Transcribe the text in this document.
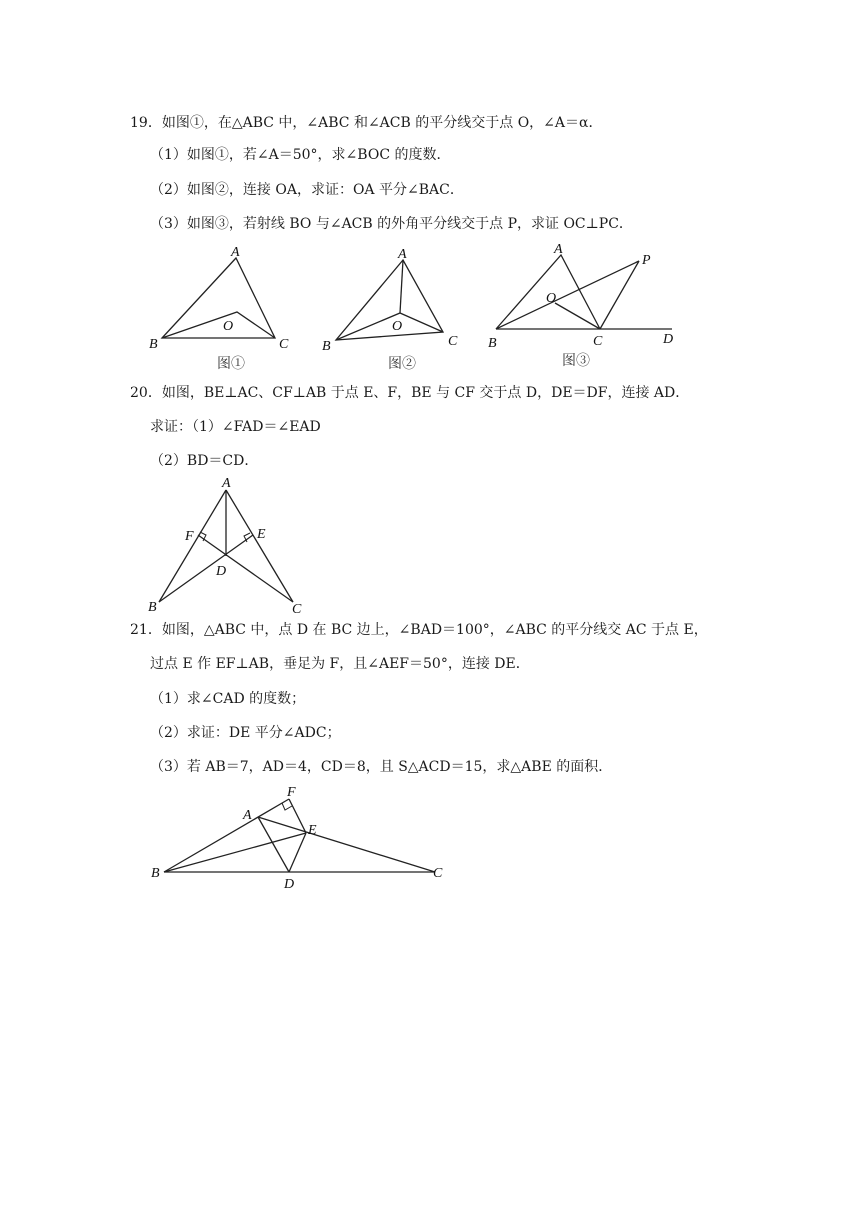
19．如图①，在△ABC 中，∠ABC 和∠ACB 的平分线交于点 O，∠A＝α．
（1）如图①，若∠A＝50°，求∠BOC 的度数．
（2）如图②，连接 OA，求证：OA 平分∠BAC．
（3）如图③，若射线 BO 与∠ACB 的外角平分线交于点 P，求证 OC⊥PC．
A
B	C
O
图①
A
B	C
O
图②
A
P
O
B	C	D
图③
20．如图，BE⊥AC、CF⊥AB 于点 E、F，BE 与 CF 交于点 D，DE＝DF，连接 AD．
求证：（1）∠FAD＝∠EAD
（2）BD＝CD．
A
F	E
D
B	C
21．如图，△ABC 中，点 D 在 BC 边上，∠BAD＝100°，∠ABC 的平分线交 AC 于点 E，
过点 E 作 EF⊥AB，垂足为 F，且∠AEF＝50°，连接 DE．
（1）求∠CAD 的度数；
（2）求证：DE 平分∠ADC；
（3）若 AB＝7，AD＝4，CD＝8，且 S△ACD＝15，求△ABE 的面积．
F
A
E
B
D
C
